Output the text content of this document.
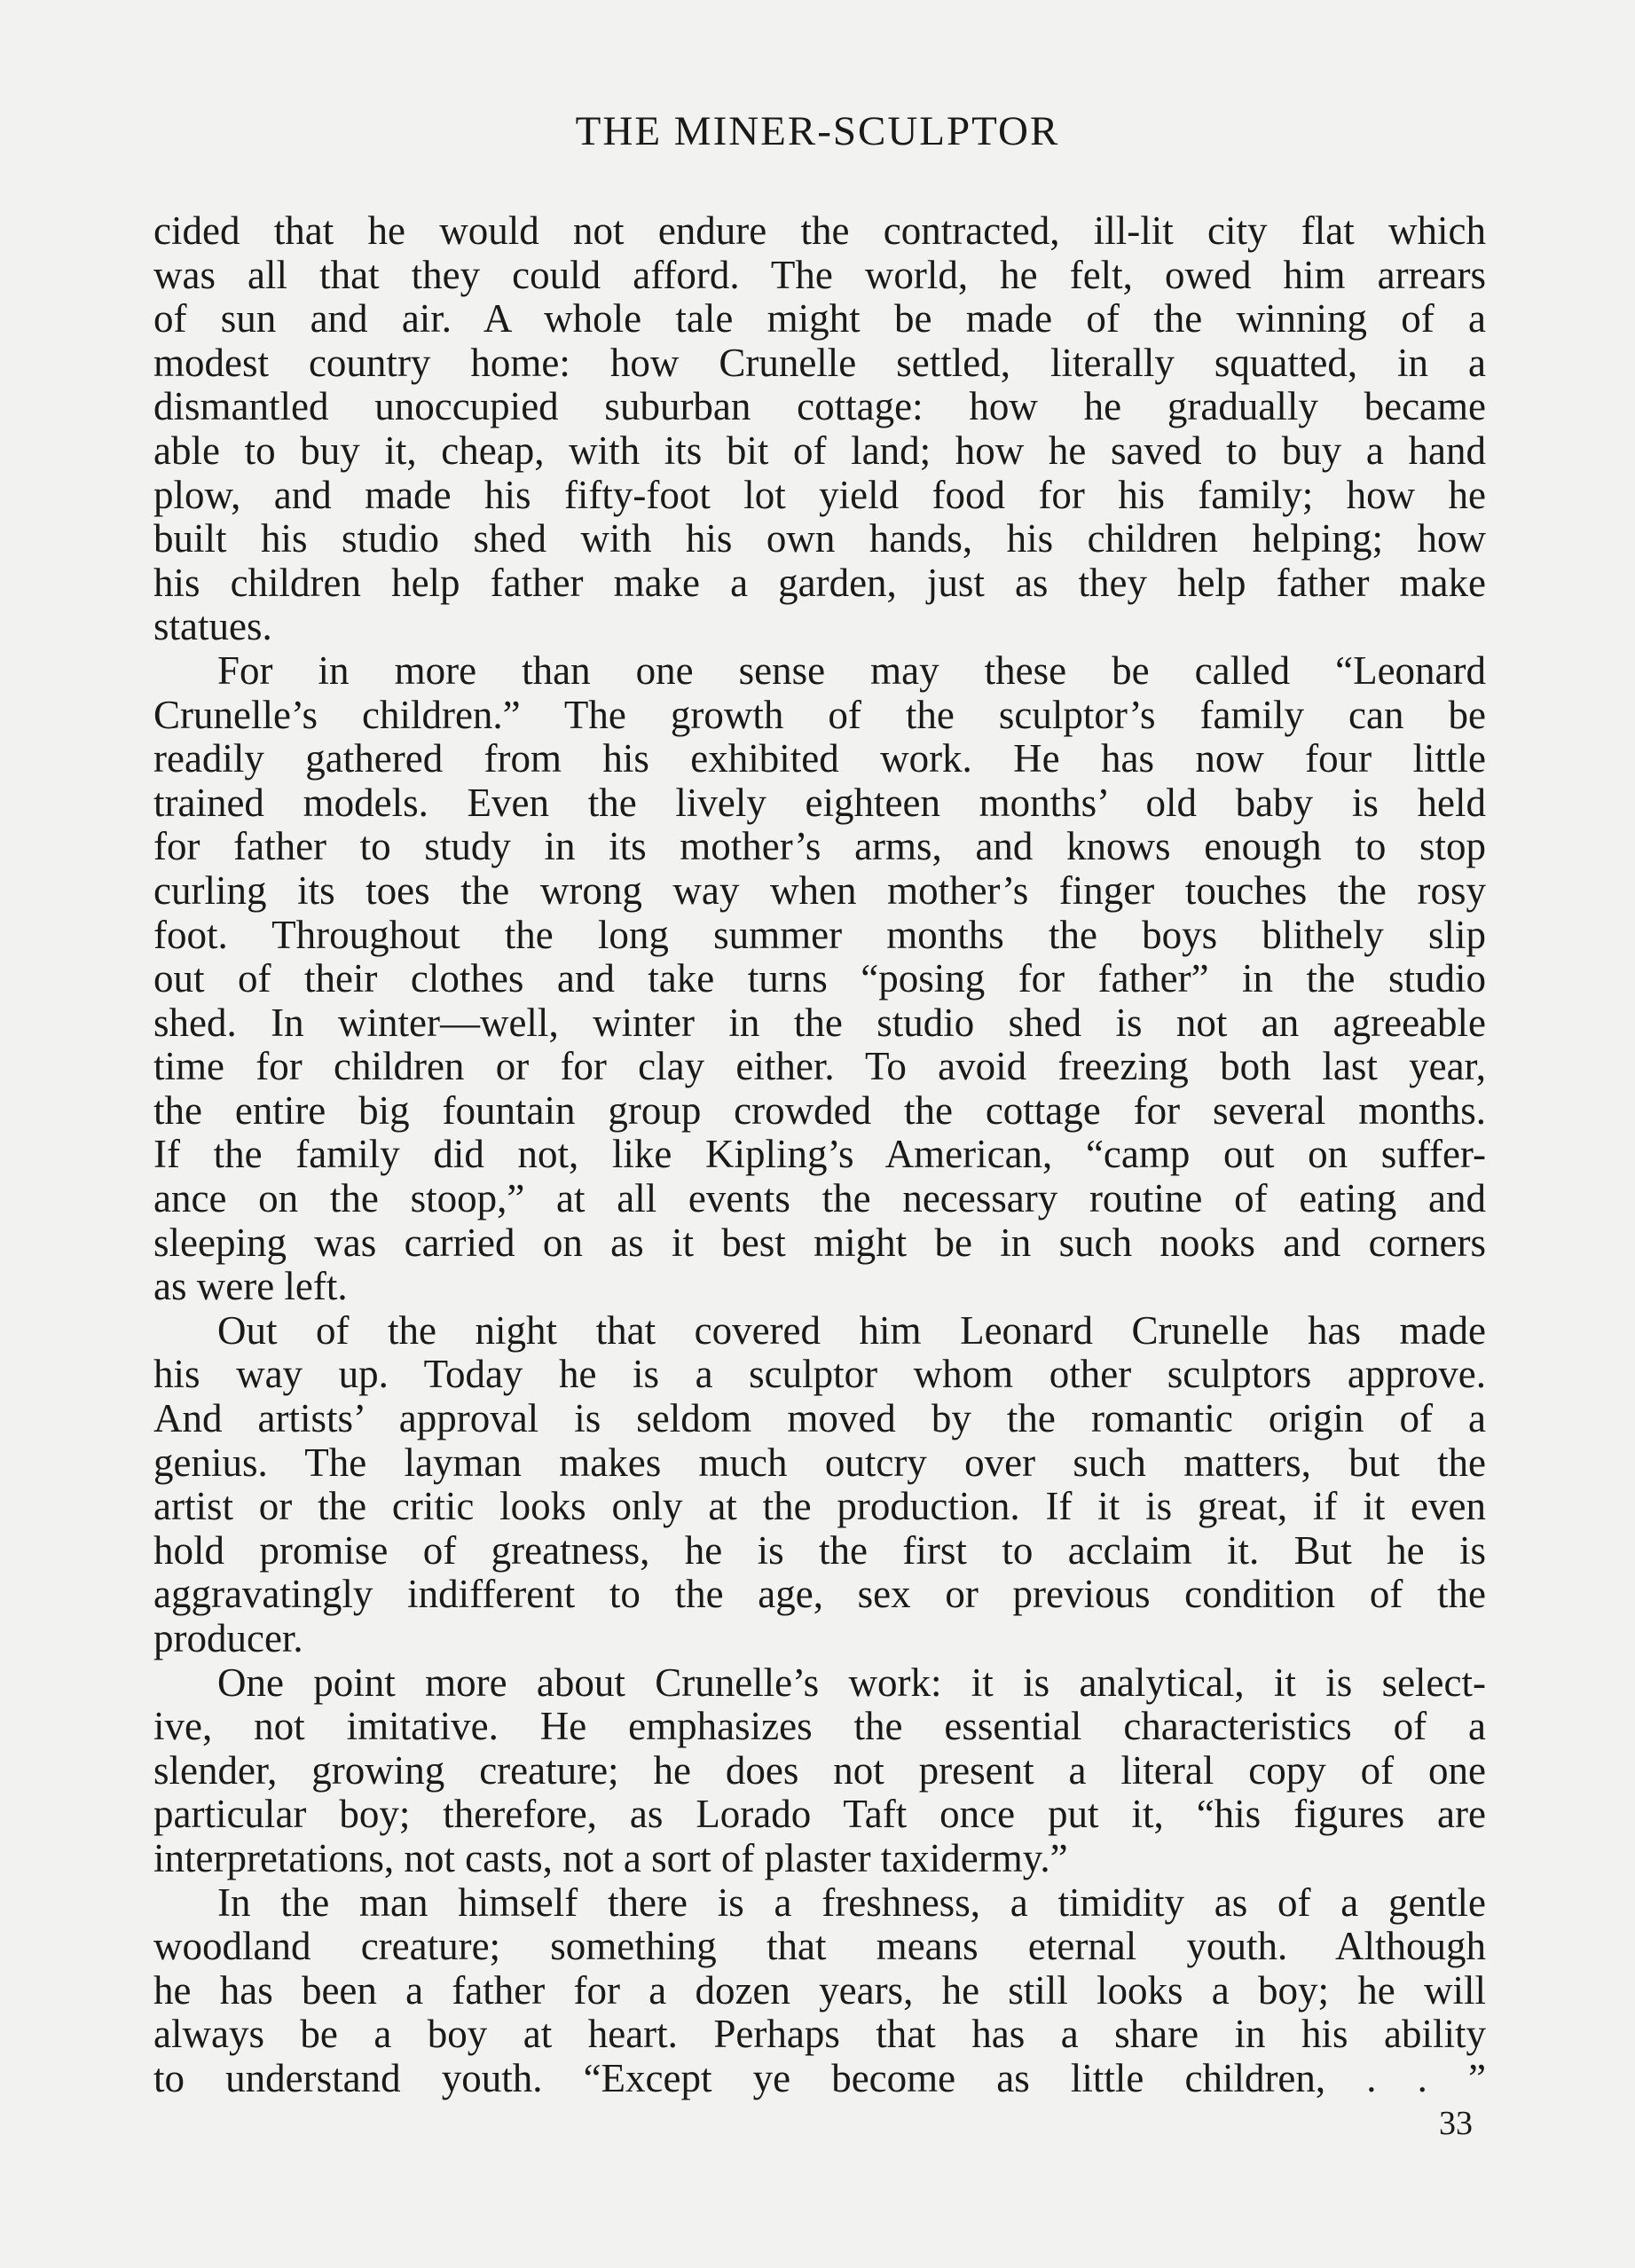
THE MINER-SCULPTOR
cided that he would not endure the contracted, ill-lit city flat which
was all that they could afford. The world, he felt, owed him arrears
of sun and air. A whole tale might be made of the winning of a
modest country home: how Crunelle settled, literally squatted, in a
dismantled unoccupied suburban cottage: how he gradually became
able to buy it, cheap, with its bit of land; how he saved to buy a hand
plow, and made his fifty-foot lot yield food for his family; how he
built his studio shed with his own hands, his children helping; how
his children help father make a garden, just as they help father make
statues.
For in more than one sense may these be called “Leonard
Crunelle’s children.” The growth of the sculptor’s family can be
readily gathered from his exhibited work. He has now four little
trained models. Even the lively eighteen months’ old baby is held
for father to study in its mother’s arms, and knows enough to stop
curling its toes the wrong way when mother’s finger touches the rosy
foot. Throughout the long summer months the boys blithely slip
out of their clothes and take turns “posing for father” in the studio
shed. In winter—well, winter in the studio shed is not an agreeable
time for children or for clay either. To avoid freezing both last year,
the entire big fountain group crowded the cottage for several months.
If the family did not, like Kipling’s American, “camp out on suffer-
ance on the stoop,” at all events the necessary routine of eating and
sleeping was carried on as it best might be in such nooks and corners
as were left.
Out of the night that covered him Leonard Crunelle has made
his way up. Today he is a sculptor whom other sculptors approve.
And artists’ approval is seldom moved by the romantic origin of a
genius. The layman makes much outcry over such matters, but the
artist or the critic looks only at the production. If it is great, if it even
hold promise of greatness, he is the first to acclaim it. But he is
aggravatingly indifferent to the age, sex or previous condition of the
producer.
One point more about Crunelle’s work: it is analytical, it is select-
ive, not imitative. He emphasizes the essential characteristics of a
slender, growing creature; he does not present a literal copy of one
particular boy; therefore, as Lorado Taft once put it, “his figures are
interpretations, not casts, not a sort of plaster taxidermy.”
In the man himself there is a freshness, a timidity as of a gentle
woodland creature; something that means eternal youth. Although
he has been a father for a dozen years, he still looks a boy; he will
always be a boy at heart. Perhaps that has a share in his ability
to understand youth. “Except ye become as little children, . . ”
33
